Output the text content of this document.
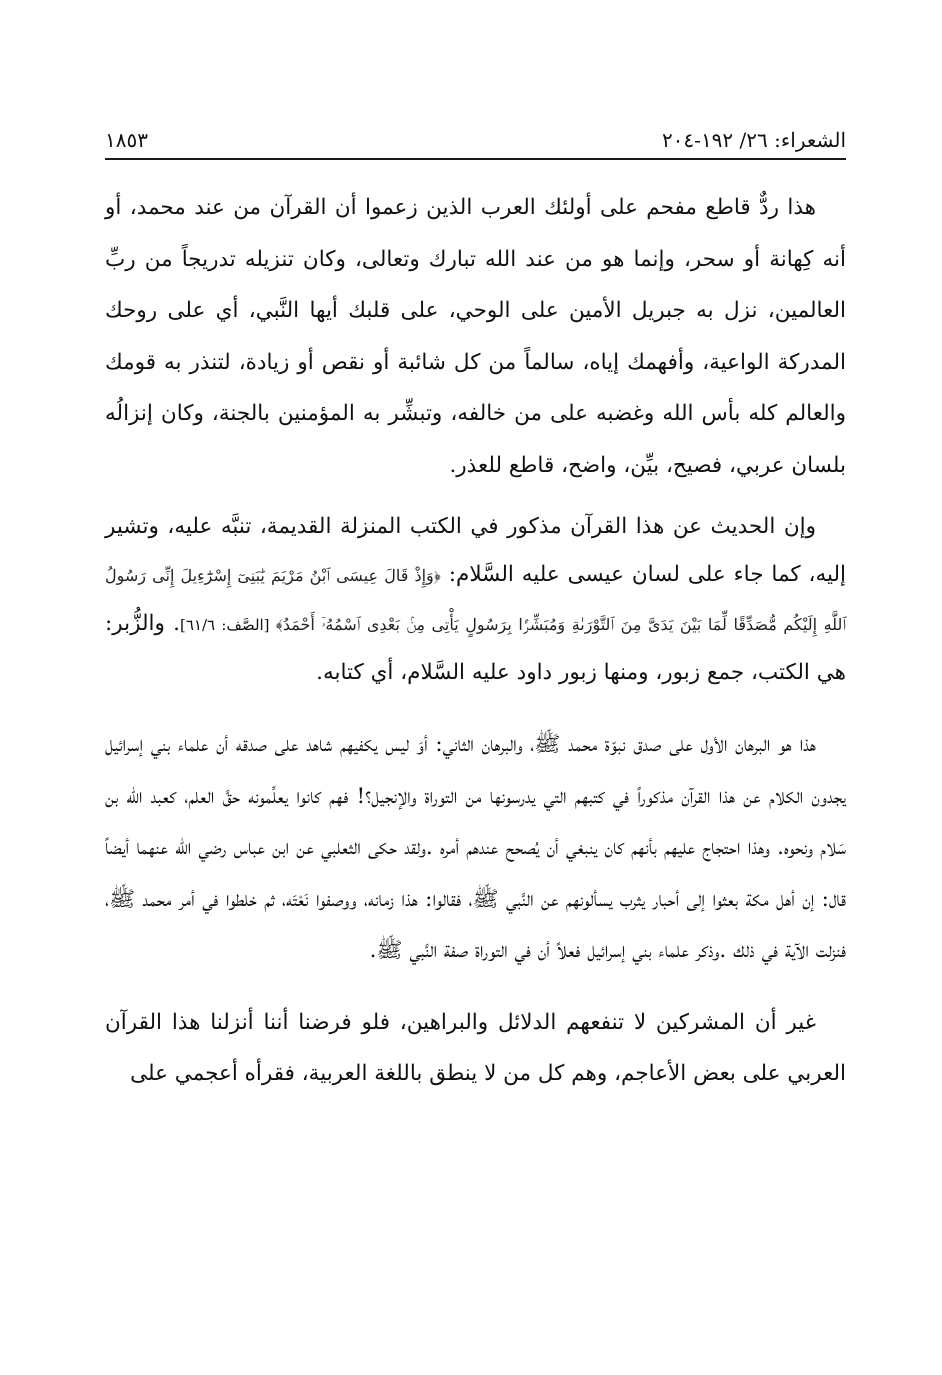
الشعراء: ٢٦/ ١٩٢-٢٠٤
١٨٥٣

هذا ردٌّ قاطع مفحم على أولئك العرب الذين زعموا أن القرآن من عند محمد، أو أنه كِهانة أو سحر، وإنما هو من عند الله تبارك وتعالى، وكان تنزيله تدريجاً من ربِّ العالمين، نزل به جبريل الأمين على الوحي، على قلبك أيها النَّبي، أي على روحك المدركة الواعية، وأفهمك إياه، سالماً من كل شائبة أو نقص أو زيادة، لتنذر به قومك والعالم كله بأس الله وغضبه على من خالفه، وتبشِّر به المؤمنين بالجنة، وكان إنزالُه بلسان عربي، فصيح، بيِّن، واضح، قاطع للعذر.

وإن الحديث عن هذا القرآن مذكور في الكتب المنزلة القديمة، تنبَّه عليه، وتشير إليه، كما جاء على لسان عيسى عليه السَّلام: ﴿وَإِذْ قَالَ عِيسَى ٱبْنُ مَرْيَمَ يَٰبَنِىٓ إِسْرَٰٓءِيلَ إِنِّى رَسُولُ ٱللَّهِ إِلَيْكُم مُّصَدِّقًا لِّمَا بَيْنَ يَدَىَّ مِنَ ٱلتَّوْرَىٰةِ وَمُبَشِّرًۢا بِرَسُولٍ يَأْتِى مِنۢ بَعْدِى ٱسْمُهُۥٓ أَحْمَدُ﴾ [الصَّف: ٦١/٦]. والزُّبر: هي الكتب، جمع زبور، ومنها زبور داود عليه السَّلام، أي كتابه.

هذا هو البرهان الأول على صدق نبوّة محمد ﷺ، والبرهان الثاني: أوَ ليس يكفيهم شاهد على صدقه أن علماء بني إسرائيل يجدون الكلام عن هذا القرآن مذكوراً في كتبهم التي يدرسونها من التوراة والإنجيل؟! فهم كانوا يعلِّمونه حقَّ العلم، كعبد الله بن سَلام ونحوه. وهذا احتجاج عليهم بأنهم كان ينبغي أن يُصحح عندهم أمره .ولقد حكى الثعلبي عن ابن عباس رضي الله عنهما أيضاً قال: إن أهل مكة بعثوا إلى أحبار يثرب يسألونهم عن النَّبي ﷺ، فقالوا: هذا زمانه، ووصفوا نَعْتَه، ثم خلطوا في أمر محمد ﷺ، فنزلت الآية في ذلك .وذكر علماء بني إسرائيل فعلاً أن في التوراة صفة النَّبي ﷺ.

غير أن المشركين لا تنفعهم الدلائل والبراهين، فلو فرضنا أننا أنزلنا هذا القرآن العربي على بعض الأعاجم، وهم كل من لا ينطق باللغة العربية، فقرأه أعجمي على
